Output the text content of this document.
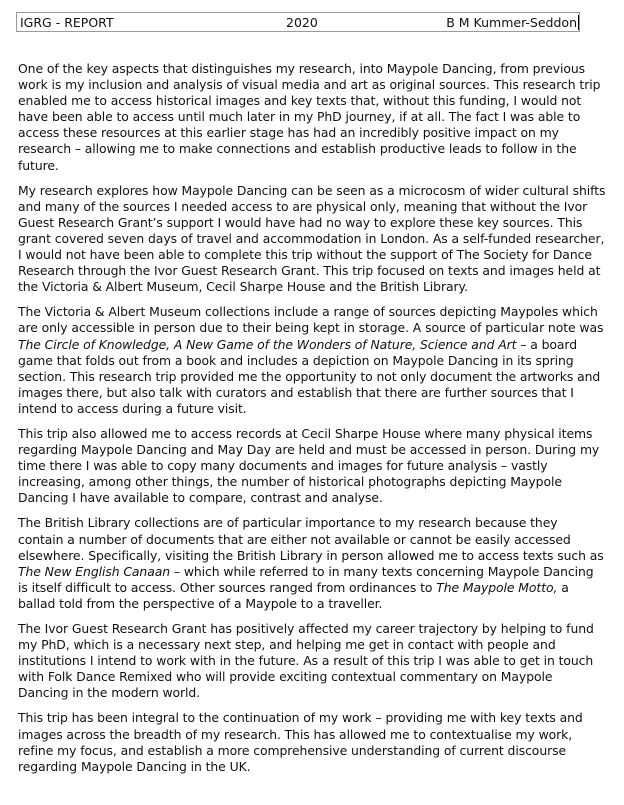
IGRG - REPORT	2020	B M Kummer-Seddon

One of the key aspects that distinguishes my research, into Maypole Dancing, from previous work is my inclusion and analysis of visual media and art as original sources. This research trip enabled me to access historical images and key texts that, without this funding, I would not have been able to access until much later in my PhD journey, if at all. The fact I was able to access these resources at this earlier stage has had an incredibly positive impact on my research – allowing me to make connections and establish productive leads to follow in the future.

My research explores how Maypole Dancing can be seen as a microcosm of wider cultural shifts and many of the sources I needed access to are physical only, meaning that without the Ivor Guest Research Grant’s support I would have had no way to explore these key sources. This grant covered seven days of travel and accommodation in London. As a self-funded researcher, I would not have been able to complete this trip without the support of The Society for Dance Research through the Ivor Guest Research Grant. This trip focused on texts and images held at the Victoria & Albert Museum, Cecil Sharpe House and the British Library.

The Victoria & Albert Museum collections include a range of sources depicting Maypoles which are only accessible in person due to their being kept in storage. A source of particular note was The Circle of Knowledge, A New Game of the Wonders of Nature, Science and Art – a board game that folds out from a book and includes a depiction on Maypole Dancing in its spring section. This research trip provided me the opportunity to not only document the artworks and images there, but also talk with curators and establish that there are further sources that I intend to access during a future visit.

This trip also allowed me to access records at Cecil Sharpe House where many physical items regarding Maypole Dancing and May Day are held and must be accessed in person. During my time there I was able to copy many documents and images for future analysis – vastly increasing, among other things, the number of historical photographs depicting Maypole Dancing I have available to compare, contrast and analyse.

The British Library collections are of particular importance to my research because they contain a number of documents that are either not available or cannot be easily accessed elsewhere. Specifically, visiting the British Library in person allowed me to access texts such as The New English Canaan – which while referred to in many texts concerning Maypole Dancing is itself difficult to access. Other sources ranged from ordinances to The Maypole Motto, a ballad told from the perspective of a Maypole to a traveller.

The Ivor Guest Research Grant has positively affected my career trajectory by helping to fund my PhD, which is a necessary next step, and helping me get in contact with people and institutions I intend to work with in the future. As a result of this trip I was able to get in touch with Folk Dance Remixed who will provide exciting contextual commentary on Maypole Dancing in the modern world.

This trip has been integral to the continuation of my work – providing me with key texts and images across the breadth of my research. This has allowed me to contextualise my work, refine my focus, and establish a more comprehensive understanding of current discourse regarding Maypole Dancing in the UK.
